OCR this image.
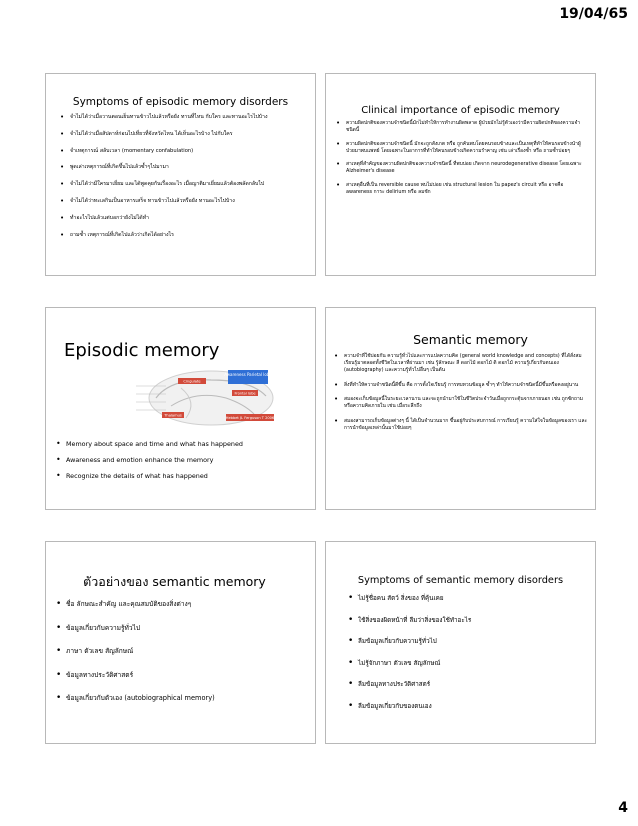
19/04/65
Symptoms of episodic memory disorders
• จำไม่ได้ว่าเมื่อวานตอนเย็นทานข้าวไปแล้วหรือยัง ทานที่ไหน กับใคร และทานอะไรไปบ้าง
• จำไม่ได้ว่าเมื่อสัปดาห์ก่อนไปเที่ยวที่จังหวัดไหน ได้เห็นอะไรบ้าง ไปกับใคร
• จำเหตุการณ์ สลับเวลา (momentary confabulation)
• พูดเล่าเหตุการณ์ที่เกิดขึ้นไปแล้วซ้ำๆไปมามา
• จำไม่ได้ว่ามีใครมาเยี่ยม และได้พูดคุยกันเรื่องอะไร เมื่อญาติมาเยี่ยมแล้วต้องพลัดกลับไป
• จำไม่ได้ว่าทะเลกินเป็นอาหารเสร็จ ทานข้าวไปแล้วหรือยัง ทานอะไรไปบ้าง
• ทำอะไรไปแล้วแต่บอกว่ายังไม่ได้ทำ
• ถามซ้ำ เหตุการณ์ที่เกิดไปแล้วว่าเกิดได้อย่างไร
Clinical importance of episodic memory
• ความผิดปกติของความจำชนิดนี้มักไม่ทำให้การทำงานผิดพลาด ผู้ป่วยมักไม่รู้ตัวเองว่ามีความผิดปกติของความจำชนิดนี้
• ความผิดปกติของความจำชนิดนี้ มักจะถูกสังเกต หรือ ถูกค้นพบโดยคนรอบข้างและเป็นเหตุที่ทำให้คนรอบข้างนำผู้ป่วยมาพบแพทย์ โดยเฉพาะในอาการที่ทำให้คนรอบข้างเกิดความรำคาญ เช่น เล่าเรื่องซ้ำ หรือ ถามซ้ำบ่อยๆ
• สาเหตุที่สำคัญของความผิดปกติของความจำชนิดนี้ ที่พบบ่อย เกิดจาก neurodegenerative disease โดยเฉพาะ Alzheimer's disease
• สาเหตุอื่นที่เป็น reversible cause พบไม่บ่อย เช่น structural lesion ใน papez's circuit หรือ อาจคือ awareness การะ delirium หรือ ลมชัก
Episodic memory
Awareness Parietal lobe
Cingulate
Frontal lobe
Thalamus
Hebbet JL Ferguson T 2006
• Memory about space and time and what has happened
• Awareness and emotion enhance the memory
• Recognize the details of what has happened
Semantic memory
• ความจำที่ใช้บ่อยกัน ความรู้ทั่วไปและการแปลความคิด (general world knowledge and concepts) ที่ได้สั่งสมเรียนรู้มาตลอดทั้งชีวิตในเวลาที่ผ่านมา เช่น รู้ลักษณะ สี ดอกไม้ ดอกไม้ ดิ ดอกไม้ ความรู้เกี่ยวกับตนเอง (autobiography) และความรู้ทั่วไปอื่นๆ เป็นต้น
• สิ่งที่ทำให้ความจำชนิดนี้ดีขึ้น คือ การตั้งใจเรียนรู้ การทบทวนข้อมูล ซ้ำๆ ทำให้ความจำชนิดนี้มีขึ้นหรือคงอยู่นาน
• สมองจะเก็บข้อมูลนี้ในระยะเวลานาน และจะถูกนำมาใช้ในชีวิตประจำวันเมื่อถูกกระตุ้นจากภายนอก เช่น ถูกซักถาม หรือความคิดภายใน เช่น เมื่อระลึกถึง
• สมองสามารถเก็บข้อมูลต่างๆ นี้ ได้เป็นจำนวนมาก ขึ้นอยู่กับประสบการณ์ การเรียนรู้ ความใส่ใจในข้อมูลของเรา และการนำข้อมูลเหล่านั้นมาใช้บ่อยๆ
ตัวอย่างของ semantic memory
• ชื่อ ลักษณะสำคัญ และคุณสมบัติของสิ่งต่างๆ
• ข้อมูลเกี่ยวกับความรู้ทั่วไป
• ภาษา ตัวเลข สัญลักษณ์
• ข้อมูลทางประวัติศาสตร์
• ข้อมูลเกี่ยวกับตัวเอง (autobiographical memory)
Symptoms of semantic memory disorders
• ไม่รู้ชื่อคน สัตว์ สิ่งของ ที่คุ้นเคย
• ใช้สิ่งของผิดหน้าที่ ลืมว่าสิ่งของใช้ทำอะไร
• ลืมข้อมูลเกี่ยวกับความรู้ทั่วไป
• ไม่รู้จักภาษา ตัวเลข สัญลักษณ์
• ลืมข้อมูลทางประวัติศาสตร์
• ลืมข้อมูลเกี่ยวกับของตนเอง
4
